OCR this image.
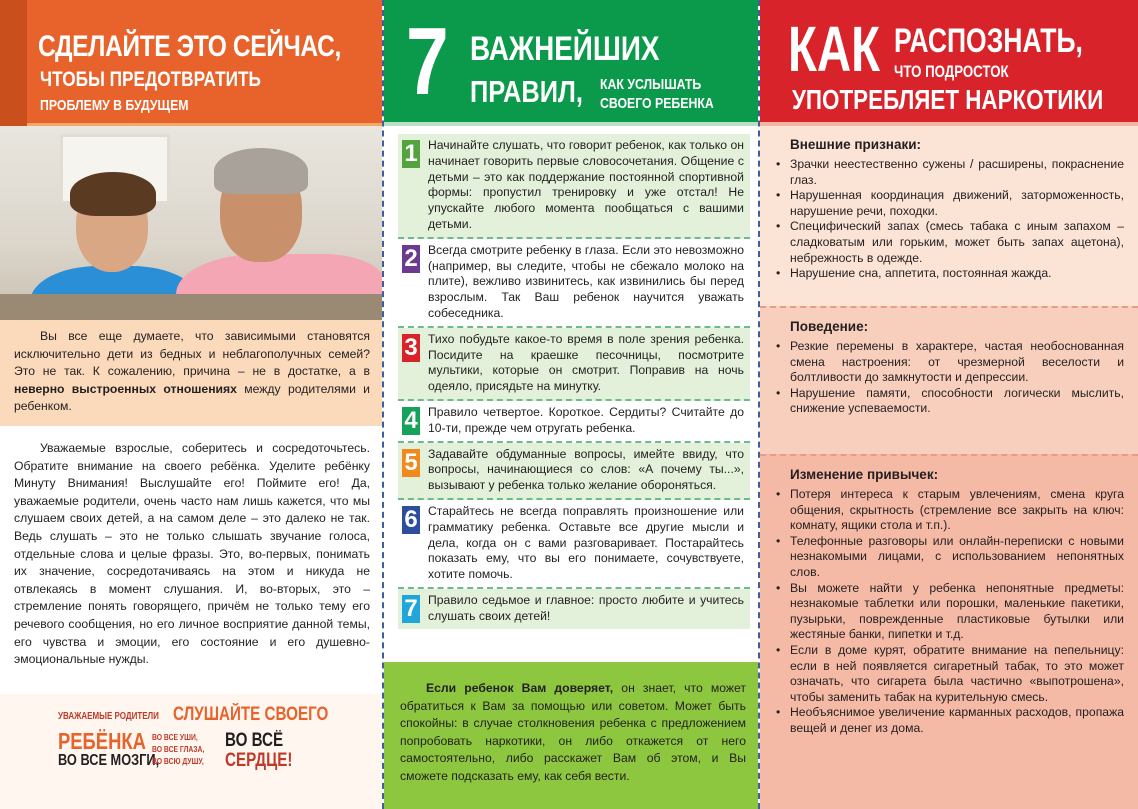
СДЕЛАЙТЕ ЭТО СЕЙЧАС,
ЧТОБЫ ПРЕДОТВРАТИТЬ
ПРОБЛЕМУ В БУДУЩЕМ
Вы все еще думаете, что зависимыми становятся исключительно дети из бедных и неблагополучных семей? Это не так. К сожалению, причина – не в достатке, а в неверно выстроенных отношениях между родителями и ребенком.
Уважаемые взрослые, соберитесь и сосредоточьтесь. Обратите внимание на своего ребёнка. Уделите ребёнку Минуту Внимания! Выслушайте его! Поймите его! Да, уважаемые родители, очень часто нам лишь кажется, что мы слушаем своих детей, а на самом деле – это далеко не так. Ведь слушать – это не только слышать звучание голоса, отдельные слова и целые фразы. Это, во-первых, понимать их значение, сосредотачиваясь на этом и никуда не отвлекаясь в момент слушания. И, во-вторых, это – стремление понять говорящего, причём не только тему его речевого сообщения, но его личное восприятие данной темы, его чувства и эмоции, его состояние и его душевно-эмоциональные нужды.
УВАЖАЕМЫЕ РОДИТЕЛИ СЛУШАЙТЕ СВОЕГО
РЕБЁНКА ВО ВСЕ УШИ,
ВО ВСЕ ГЛАЗА, ВО ВСЁ
ВО ВСЕ МОЗГИ,
ВО ВСЮ ДУШУ, СЕРДЦЕ!
7 ВАЖНЕЙШИХ
ПРАВИЛ, КАК УСЛЫШАТЬ
СВОЕГО РЕБЕНКА
1 Начинайте слушать, что говорит ребенок, как только он начинает говорить первые словосочетания. Общение с детьми – это как поддержание постоянной спортивной формы: пропустил тренировку и уже отстал! Не упускайте любого момента пообщаться с вашими детьми.
2 Всегда смотрите ребенку в глаза. Если это невозможно (например, вы следите, чтобы не сбежало молоко на плите), вежливо извинитесь, как извинились бы перед взрослым. Так Ваш ребенок научится уважать собеседника.
3 Тихо побудьте какое-то время в поле зрения ребенка. Посидите на краешке песочницы, посмотрите мультики, которые он смотрит. Поправив на ночь одеяло, присядьте на минутку.
4 Правило четвертое. Короткое. Сердиты? Считайте до 10-ти, прежде чем отругать ребенка.
5 Задавайте обдуманные вопросы, имейте ввиду, что вопросы, начинающиеся со слов: «А почему ты...», вызывают у ребенка только желание обороняться.
6 Старайтесь не всегда поправлять произношение или грамматику ребенка. Оставьте все другие мысли и дела, когда он с вами разговаривает. Постарайтесь показать ему, что вы его понимаете, сочувствуете, хотите помочь.
7 Правило седьмое и главное: просто любите и учитесь слушать своих детей!
Если ребенок Вам доверяет, он знает, что может обратиться к Вам за помощью или советом. Может быть спокойны: в случае столкновения ребенка с предложением попробовать наркотики, он либо откажется от него самостоятельно, либо расскажет Вам об этом, и Вы сможете подсказать ему, как себя вести.
КАК РАСПОЗНАТЬ,
ЧТО ПОДРОСТОК
УПОТРЕБЛЯЕТ НАРКОТИКИ
Внешние признаки:
• Зрачки неестественно сужены / расширены, покраснение глаз.
• Нарушенная координация движений, заторможенность, нарушение речи, походки.
• Специфический запах (смесь табака с иным запахом – сладковатым или горьким, может быть запах ацетона), небрежность в одежде.
• Нарушение сна, аппетита, постоянная жажда.
Поведение:
• Резкие перемены в характере, частая необоснованная смена настроения: от чрезмерной веселости и болтливости до замкнутости и депрессии.
• Нарушение памяти, способности логически мыслить, снижение успеваемости.
Изменение привычек:
• Потеря интереса к старым увлечениям, смена круга общения, скрытность (стремление все закрыть на ключ: комнату, ящики стола и т.п.).
• Телефонные разговоры или онлайн-переписки с новыми незнакомыми лицами, с использованием непонятных слов.
• Вы можете найти у ребенка непонятные предметы: незнакомые таблетки или порошки, маленькие пакетики, пузырьки, поврежденные пластиковые бутылки или жестяные банки, пипетки и т.д.
• Если в доме курят, обратите внимание на пепельницу: если в ней появляется сигаретный табак, то это может означать, что сигарета была частично «выпотрошена», чтобы заменить табак на курительную смесь.
• Необъяснимое увеличение карманных расходов, пропажа вещей и денег из дома.
